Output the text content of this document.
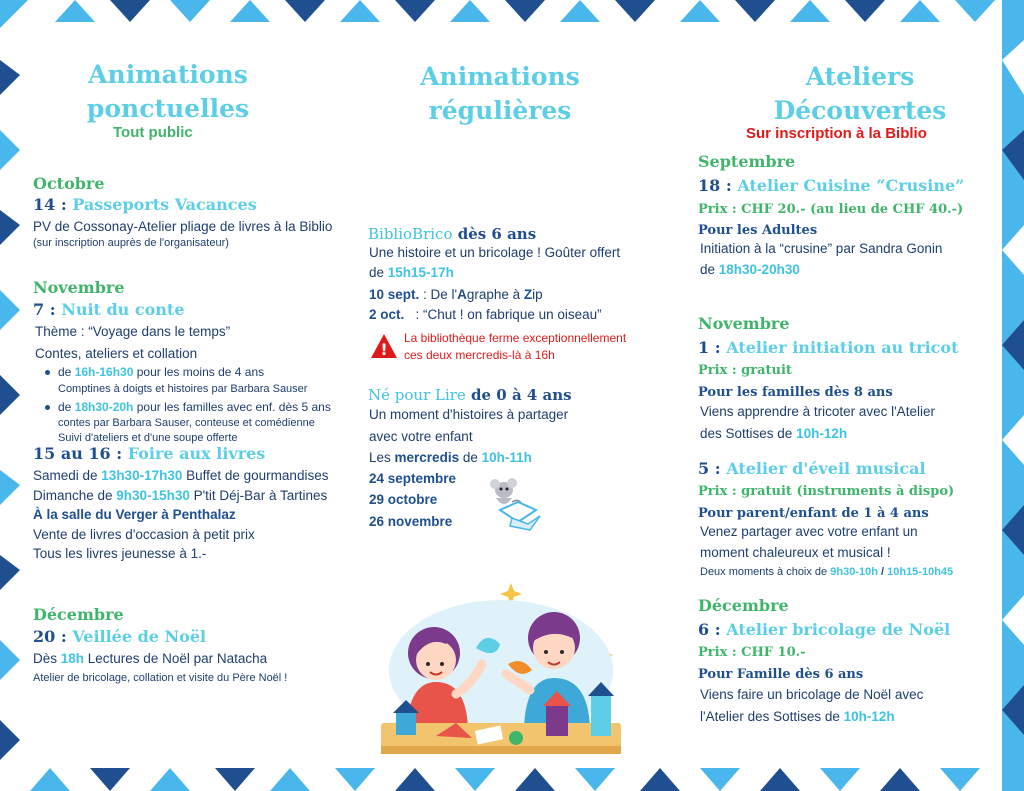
Animations
ponctuelles
Tout public
Octobre
14 : Passeports Vacances
PV de Cossonay-Atelier pliage de livres à la Biblio
(sur inscription auprès de l'organisateur)
Novembre
7 : Nuit du conte
Thème : “Voyage dans le temps”
Contes, ateliers et collation
de 16h-16h30 pour les moins de 4 ans
Comptines à doigts et histoires par Barbara Sauser
de 18h30-20h pour les familles avec enf. dès 5 ans
contes par Barbara Sauser, conteuse et comédienne
Suivi d'ateliers et d'une soupe offerte
15 au 16 : Foire aux livres
Samedi de 13h30-17h30 Buffet de gourmandises
Dimanche de 9h30-15h30 P'tit Déj-Bar à Tartines
À la salle du Verger à Penthalaz
Vente de livres d'occasion à petit prix
Tous les livres jeunesse à 1.-
Décembre
20 : Veillée de Noël
Dès 18h Lectures de Noël par Natacha
Atelier de bricolage, collation et visite du Père Noël !
Animations
régulières
BiblioBrico dès 6 ans
Une histoire et un bricolage ! Goûter offert
de 15h15-17h
10 sept. : De l'Agraphe à Zip
2 oct.   : “Chut ! on fabrique un oiseau”
!
La bibliothèque ferme exceptionnellement
ces deux mercredis-là à 16h
Né pour Lire de 0 à 4 ans
Un moment d'histoires à partager
avec votre enfant
Les mercredis de 10h-11h
24 septembre
29 octobre
26 novembre
Ateliers
Découvertes
Sur inscription à la Biblio
Septembre
18 : Atelier Cuisine “Crusine”
Prix : CHF 20.- (au lieu de CHF 40.-)
Pour les Adultes
Initiation à la “crusine” par Sandra Gonin
de 18h30-20h30
Novembre
1 : Atelier initiation au tricot
Prix : gratuit
Pour les familles dès 8 ans
Viens apprendre à tricoter avec l'Atelier
des Sottises de 10h-12h
5 : Atelier d'éveil musical
Prix : gratuit (instruments à dispo)
Pour parent/enfant de 1 à 4 ans
Venez partager avec votre enfant un
moment chaleureux et musical !
Deux moments à choix de 9h30-10h / 10h15-10h45
Décembre
6 : Atelier bricolage de Noël
Prix : CHF 10.-
Pour Famille dès 6 ans
Viens faire un bricolage de Noël avec
l'Atelier des Sottises de 10h-12h
